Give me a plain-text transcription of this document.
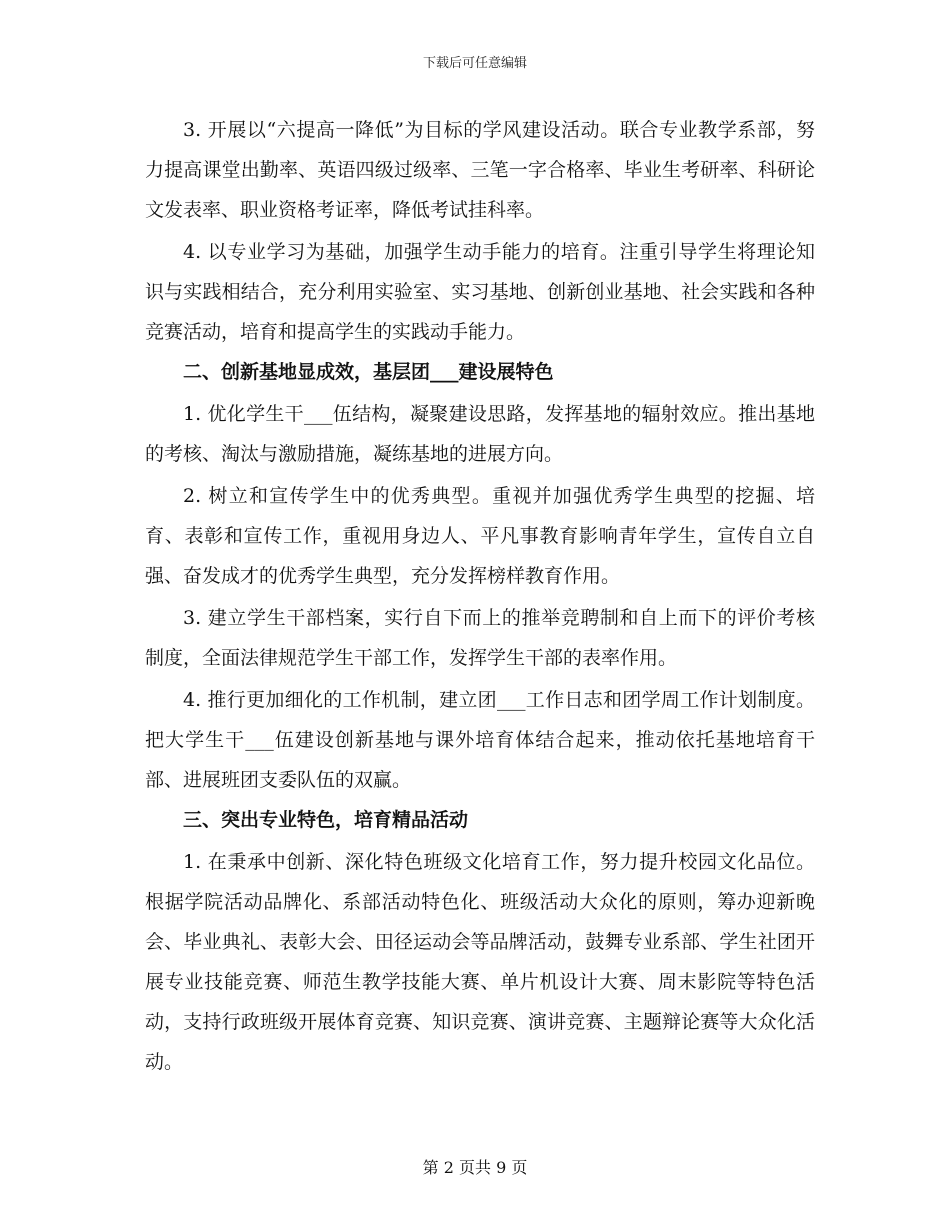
下载后可任意编辑

3. 开展以“六提高一降低”为目标的学风建设活动。联合专业教学系部，努力提高课堂出勤率、英语四级过级率、三笔一字合格率、毕业生考研率、科研论文发表率、职业资格考证率，降低考试挂科率。

4. 以专业学习为基础，加强学生动手能力的培育。注重引导学生将理论知识与实践相结合，充分利用实验室、实习基地、创新创业基地、社会实践和各种竞赛活动，培育和提高学生的实践动手能力。

二、创新基地显成效，基层团___建设展特色

1. 优化学生干___伍结构，凝聚建设思路，发挥基地的辐射效应。推出基地的考核、淘汰与激励措施，凝练基地的进展方向。

2. 树立和宣传学生中的优秀典型。重视并加强优秀学生典型的挖掘、培育、表彰和宣传工作，重视用身边人、平凡事教育影响青年学生，宣传自立自强、奋发成才的优秀学生典型，充分发挥榜样教育作用。

3. 建立学生干部档案，实行自下而上的推举竞聘制和自上而下的评价考核制度，全面法律规范学生干部工作，发挥学生干部的表率作用。

4. 推行更加细化的工作机制，建立团___工作日志和团学周工作计划制度。把大学生干___伍建设创新基地与课外培育体结合起来，推动依托基地培育干部、进展班团支委队伍的双赢。

三、突出专业特色，培育精品活动

1. 在秉承中创新、深化特色班级文化培育工作，努力提升校园文化品位。根据学院活动品牌化、系部活动特色化、班级活动大众化的原则，筹办迎新晚会、毕业典礼、表彰大会、田径运动会等品牌活动，鼓舞专业系部、学生社团开展专业技能竞赛、师范生教学技能大赛、单片机设计大赛、周末影院等特色活动，支持行政班级开展体育竞赛、知识竞赛、演讲竞赛、主题辩论赛等大众化活动。

第 2 页共 9 页
